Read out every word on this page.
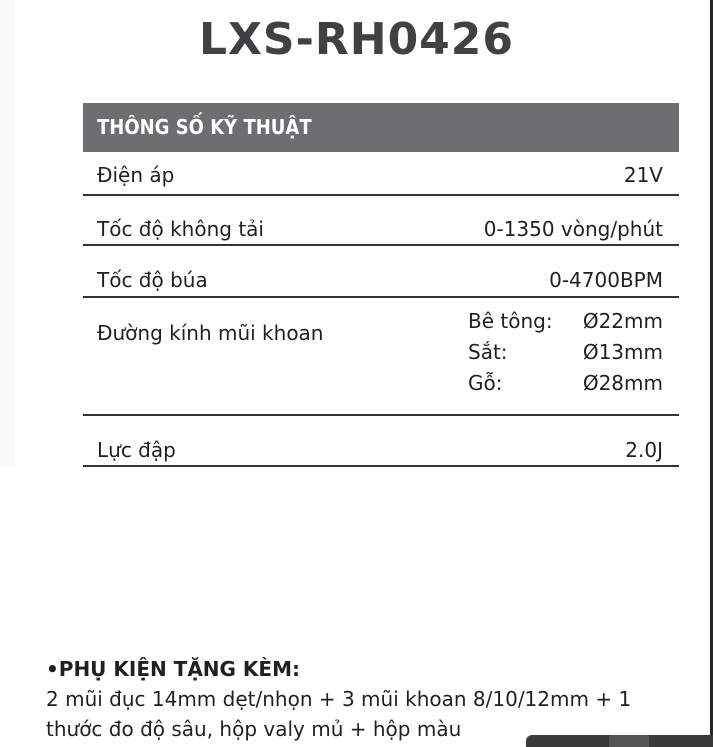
LXS-RH0426
THÔNG SỐ KỸ THUẬT
Điện áp	21V
Tốc độ không tải	0-1350 vòng/phút
Tốc độ búa	0-4700BPM
Đường kính mũi khoan	Bê tông: Ø22mm
Sắt:	Ø13mm
Gỗ:	Ø28mm
Lực đập	2.0J
•PHỤ KIỆN TẶNG KÈM:
2 mũi đục 14mm dẹt/nhọn + 3 mũi khoan 8/10/12mm + 1
thước đo độ sâu, hộp valy mủ + hộp màu
